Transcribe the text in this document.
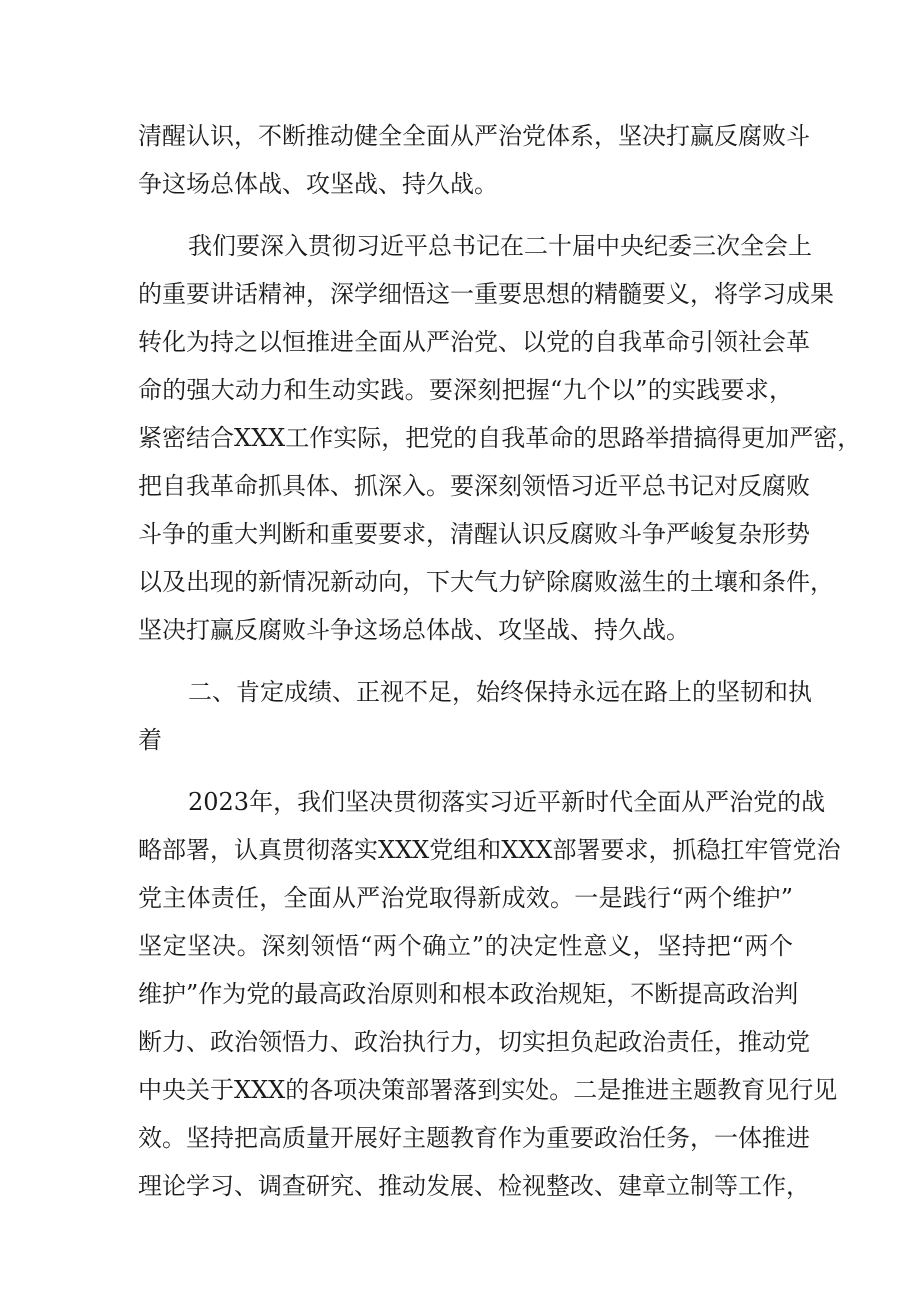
清醒认识，不断推动健全全面从严治党体系，坚决打赢反腐败斗
争这场总体战、攻坚战、持久战。
我们要深入贯彻习近平总书记在二十届中央纪委三次全会上
的重要讲话精神，深学细悟这一重要思想的精髓要义，将学习成果
转化为持之以恒推进全面从严治党、以党的自我革命引领社会革
命的强大动力和生动实践。要深刻把握“九个以”的实践要求，
紧密结合XXX工作实际，把党的自我革命的思路举措搞得更加严密，
把自我革命抓具体、抓深入。要深刻领悟习近平总书记对反腐败
斗争的重大判断和重要要求，清醒认识反腐败斗争严峻复杂形势
以及出现的新情况新动向，下大气力铲除腐败滋生的土壤和条件，
坚决打赢反腐败斗争这场总体战、攻坚战、持久战。
二、肯定成绩、正视不足，始终保持永远在路上的坚韧和执
着
2023年，我们坚决贯彻落实习近平新时代全面从严治党的战
略部署，认真贯彻落实XXX党组和XXX部署要求，抓稳扛牢管党治
党主体责任，全面从严治党取得新成效。一是践行“两个维护”
坚定坚决。深刻领悟“两个确立”的决定性意义，坚持把“两个
维护”作为党的最高政治原则和根本政治规矩，不断提高政治判
断力、政治领悟力、政治执行力，切实担负起政治责任，推动党
中央关于XXX的各项决策部署落到实处。二是推进主题教育见行见
效。坚持把高质量开展好主题教育作为重要政治任务，一体推进
理论学习、调查研究、推动发展、检视整改、建章立制等工作，
